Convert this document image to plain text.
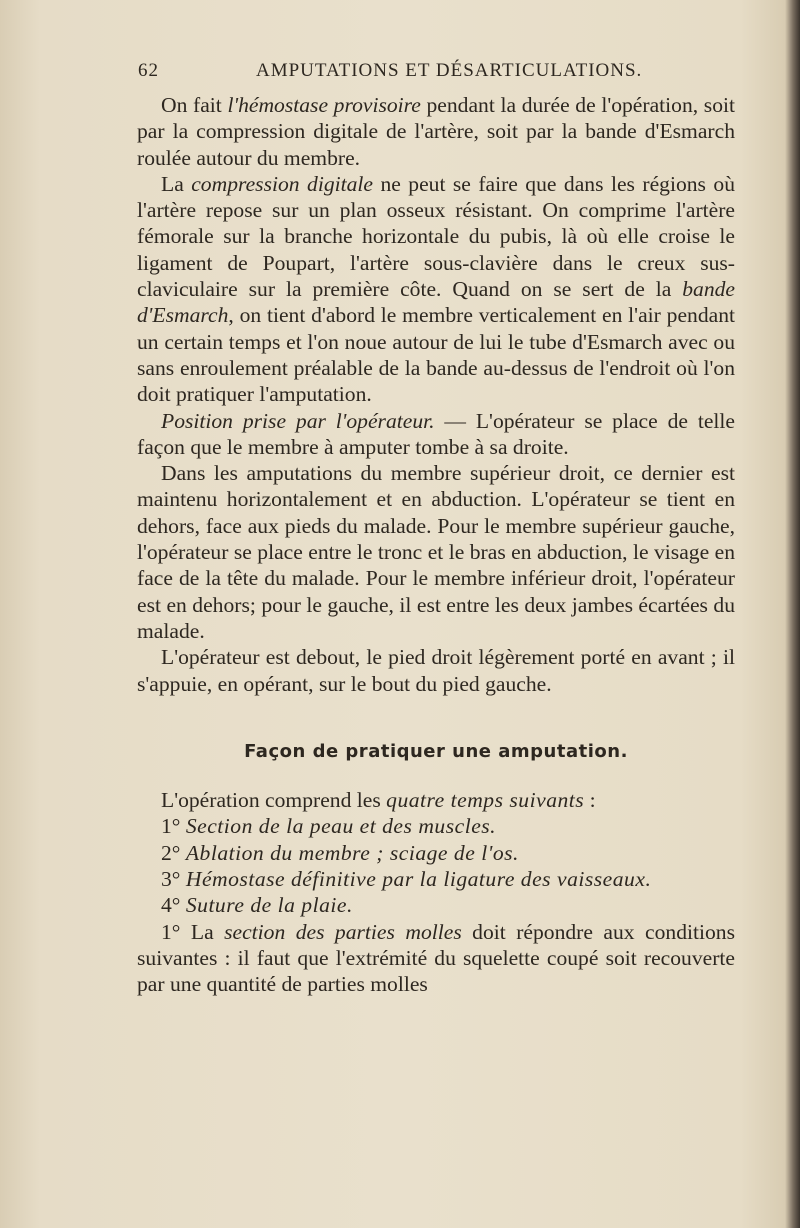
62	AMPUTATIONS ET DÉSARTICULATIONS.

On fait l'hémostase provisoire pendant la durée de l'opération, soit par la compression digitale de l'artère, soit par la bande d'Esmarch roulée autour du membre.

La compression digitale ne peut se faire que dans les régions où l'artère repose sur un plan osseux résistant. On comprime l'artère fémorale sur la branche horizontale du pubis, là où elle croise le ligament de Poupart, l'artère sous-clavière dans le creux sus-claviculaire sur la première côte. Quand on se sert de la bande d'Esmarch, on tient d'abord le membre verticalement en l'air pendant un certain temps et l'on noue autour de lui le tube d'Esmarch avec ou sans enroulement préalable de la bande au-dessus de l'endroit où l'on doit pratiquer l'amputation.

Position prise par l'opérateur. — L'opérateur se place de telle façon que le membre à amputer tombe à sa droite.

Dans les amputations du membre supérieur droit, ce dernier est maintenu horizontalement et en abduction. L'opérateur se tient en dehors, face aux pieds du malade. Pour le membre supérieur gauche, l'opérateur se place entre le tronc et le bras en abduction, le visage en face de la tête du malade. Pour le membre inférieur droit, l'opérateur est en dehors; pour le gauche, il est entre les deux jambes écartées du malade.

L'opérateur est debout, le pied droit légèrement porté en avant ; il s'appuie, en opérant, sur le bout du pied gauche.

Façon de pratiquer une amputation.

L'opération comprend les quatre temps suivants :

1° Section de la peau et des muscles.

2° Ablation du membre ; sciage de l'os.

3° Hémostase définitive par la ligature des vaisseaux.

4° Suture de la plaie.

1° La section des parties molles doit répondre aux conditions suivantes : il faut que l'extrémité du squelette coupé soit recouverte par une quantité de parties molles
